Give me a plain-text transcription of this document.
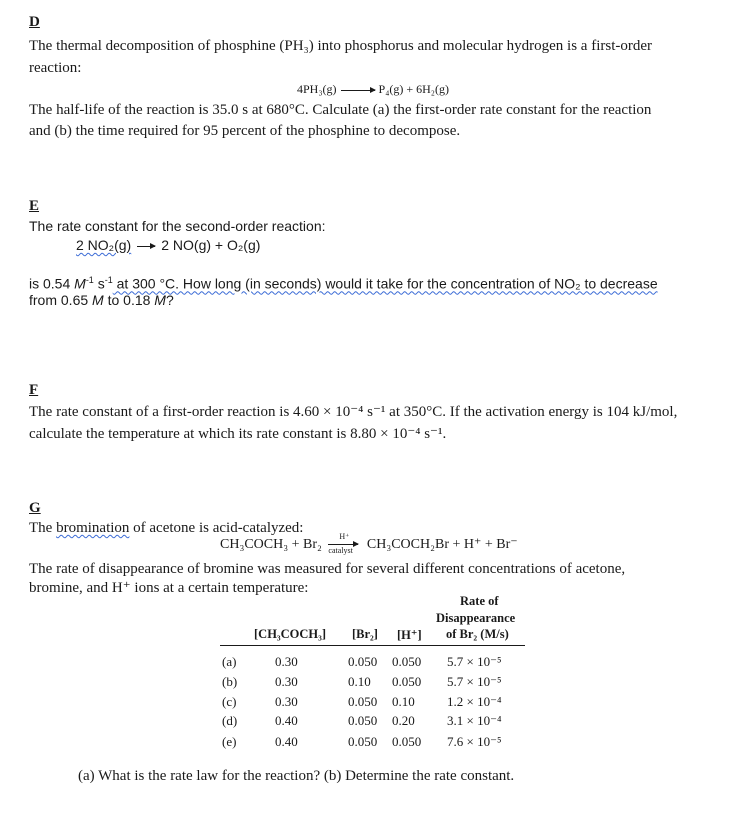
D
The thermal decomposition of phosphine (PH₃) into phosphorus and molecular hydrogen is a first-order
reaction:
4PH₃(g) → P₄(g) + 6H₂(g)
The half-life of the reaction is 35.0 s at 680°C. Calculate (a) the first-order rate constant for the reaction
and (b) the time required for 95 percent of the phosphine to decompose.
E
The rate constant for the second-order reaction:
2 NO₂(g) → 2 NO(g) + O₂(g)
is 0.54 $M^{-1}$ $s^{-1}$ at 300 °C. How long (in seconds) would it take for the concentration of NO₂ to decrease
from 0.65 M to 0.18 M?
F
The rate constant of a first-order reaction is 4.60 × 10⁻⁴ s⁻¹ at 350°C. If the activation energy is 104 kJ/mol,
calculate the temperature at which its rate constant is 8.80 × 10⁻⁴ s⁻¹.
G
The bromination of acetone is acid-catalyzed:
CH₃COCH₃ + Br₂
H⁺
catalyst CH₃COCH₂Br + H⁺ + Br⁻
The rate of disappearance of bromine was measured for several different concentrations of acetone,
bromine, and H⁺ ions at a certain temperature:
Rate of
Disappearance
of Br₂ (M/s)
[CH₃COCH₃] [Br₂] [H⁺]
(a)	0.30	0.050 0.050 5.7 × 10⁻⁵
(b)	0.30	0.10 0.050 5.7 × 10⁻⁵
(c)	0.30	0.050 0.10 1.2 × 10⁻⁴
(d)	0.40	0.050 0.20 3.1 × 10⁻⁴
(e)	0.40	0.050 0.050 7.6 × 10⁻⁵
(a) What is the rate law for the reaction? (b) Determine the rate constant.
